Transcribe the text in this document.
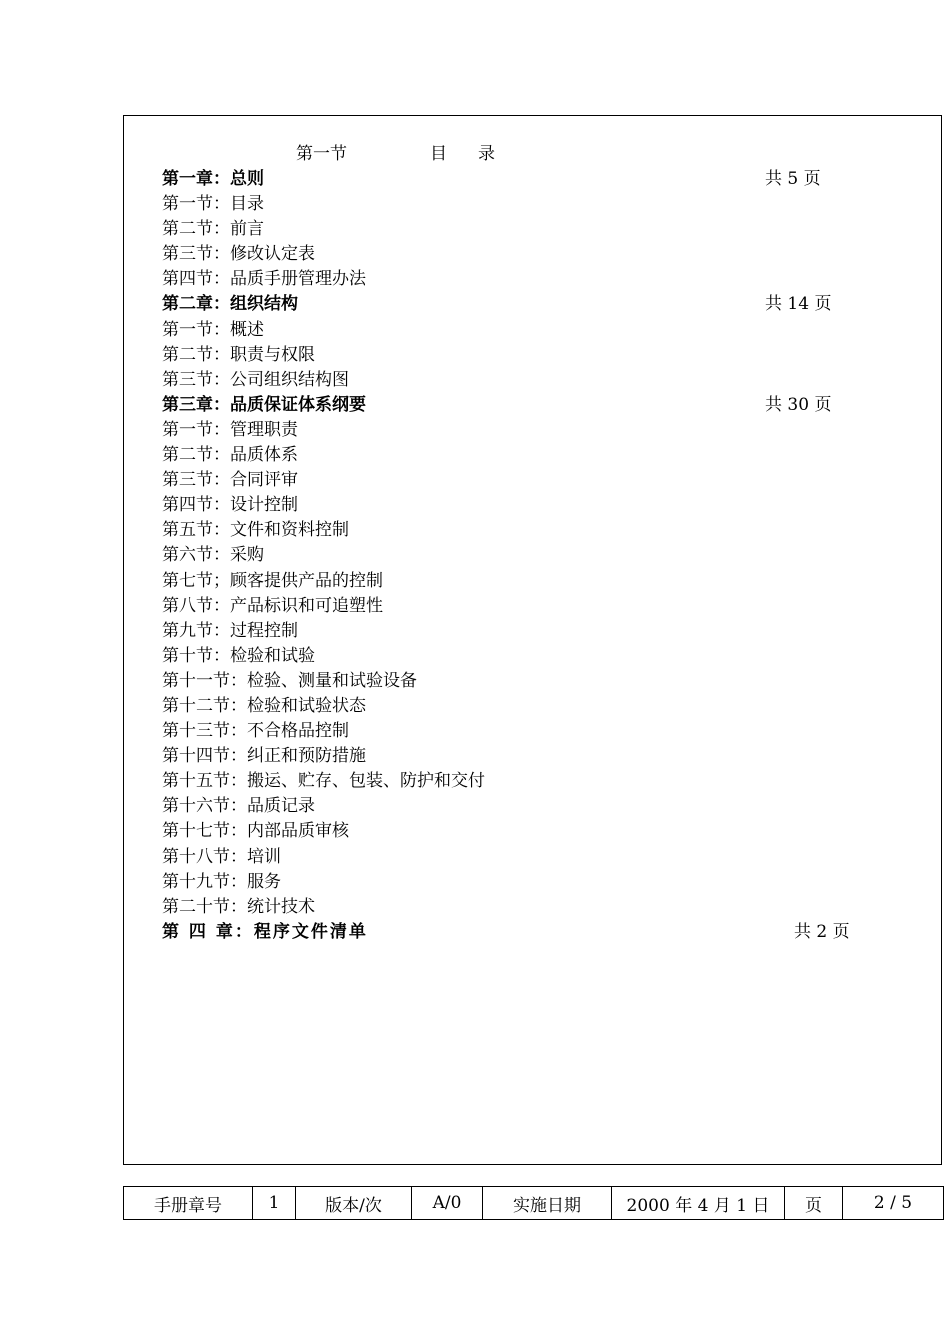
第一节	目 录
第一章：总则	共 5 页
第一节：目录
第二节：前言
第三节：修改认定表
第四节：品质手册管理办法
第二章：组织结构	共 14 页
第一节：概述
第二节：职责与权限
第三节：公司组织结构图
第三章：品质保证体系纲要	共 30 页
第一节：管理职责
第二节：品质体系
第三节：合同评审
第四节：设计控制
第五节：文件和资料控制
第六节：采购
第七节；顾客提供产品的控制
第八节：产品标识和可追塑性
第九节：过程控制
第十节：检验和试验
第十一节：检验、测量和试验设备
第十二节：检验和试验状态
第十三节：不合格品控制
第十四节：纠正和预防措施
第十五节：搬运、贮存、包装、防护和交付
第十六节：品质记录
第十七节：内部品质审核
第十八节：培训
第十九节：服务
第二十节：统计技术
第 四 章：程序文件清单	共 2 页
手册章号	1	版本/次	A/0	实施日期	2000 年 4 月 1 日	页	2 / 5
